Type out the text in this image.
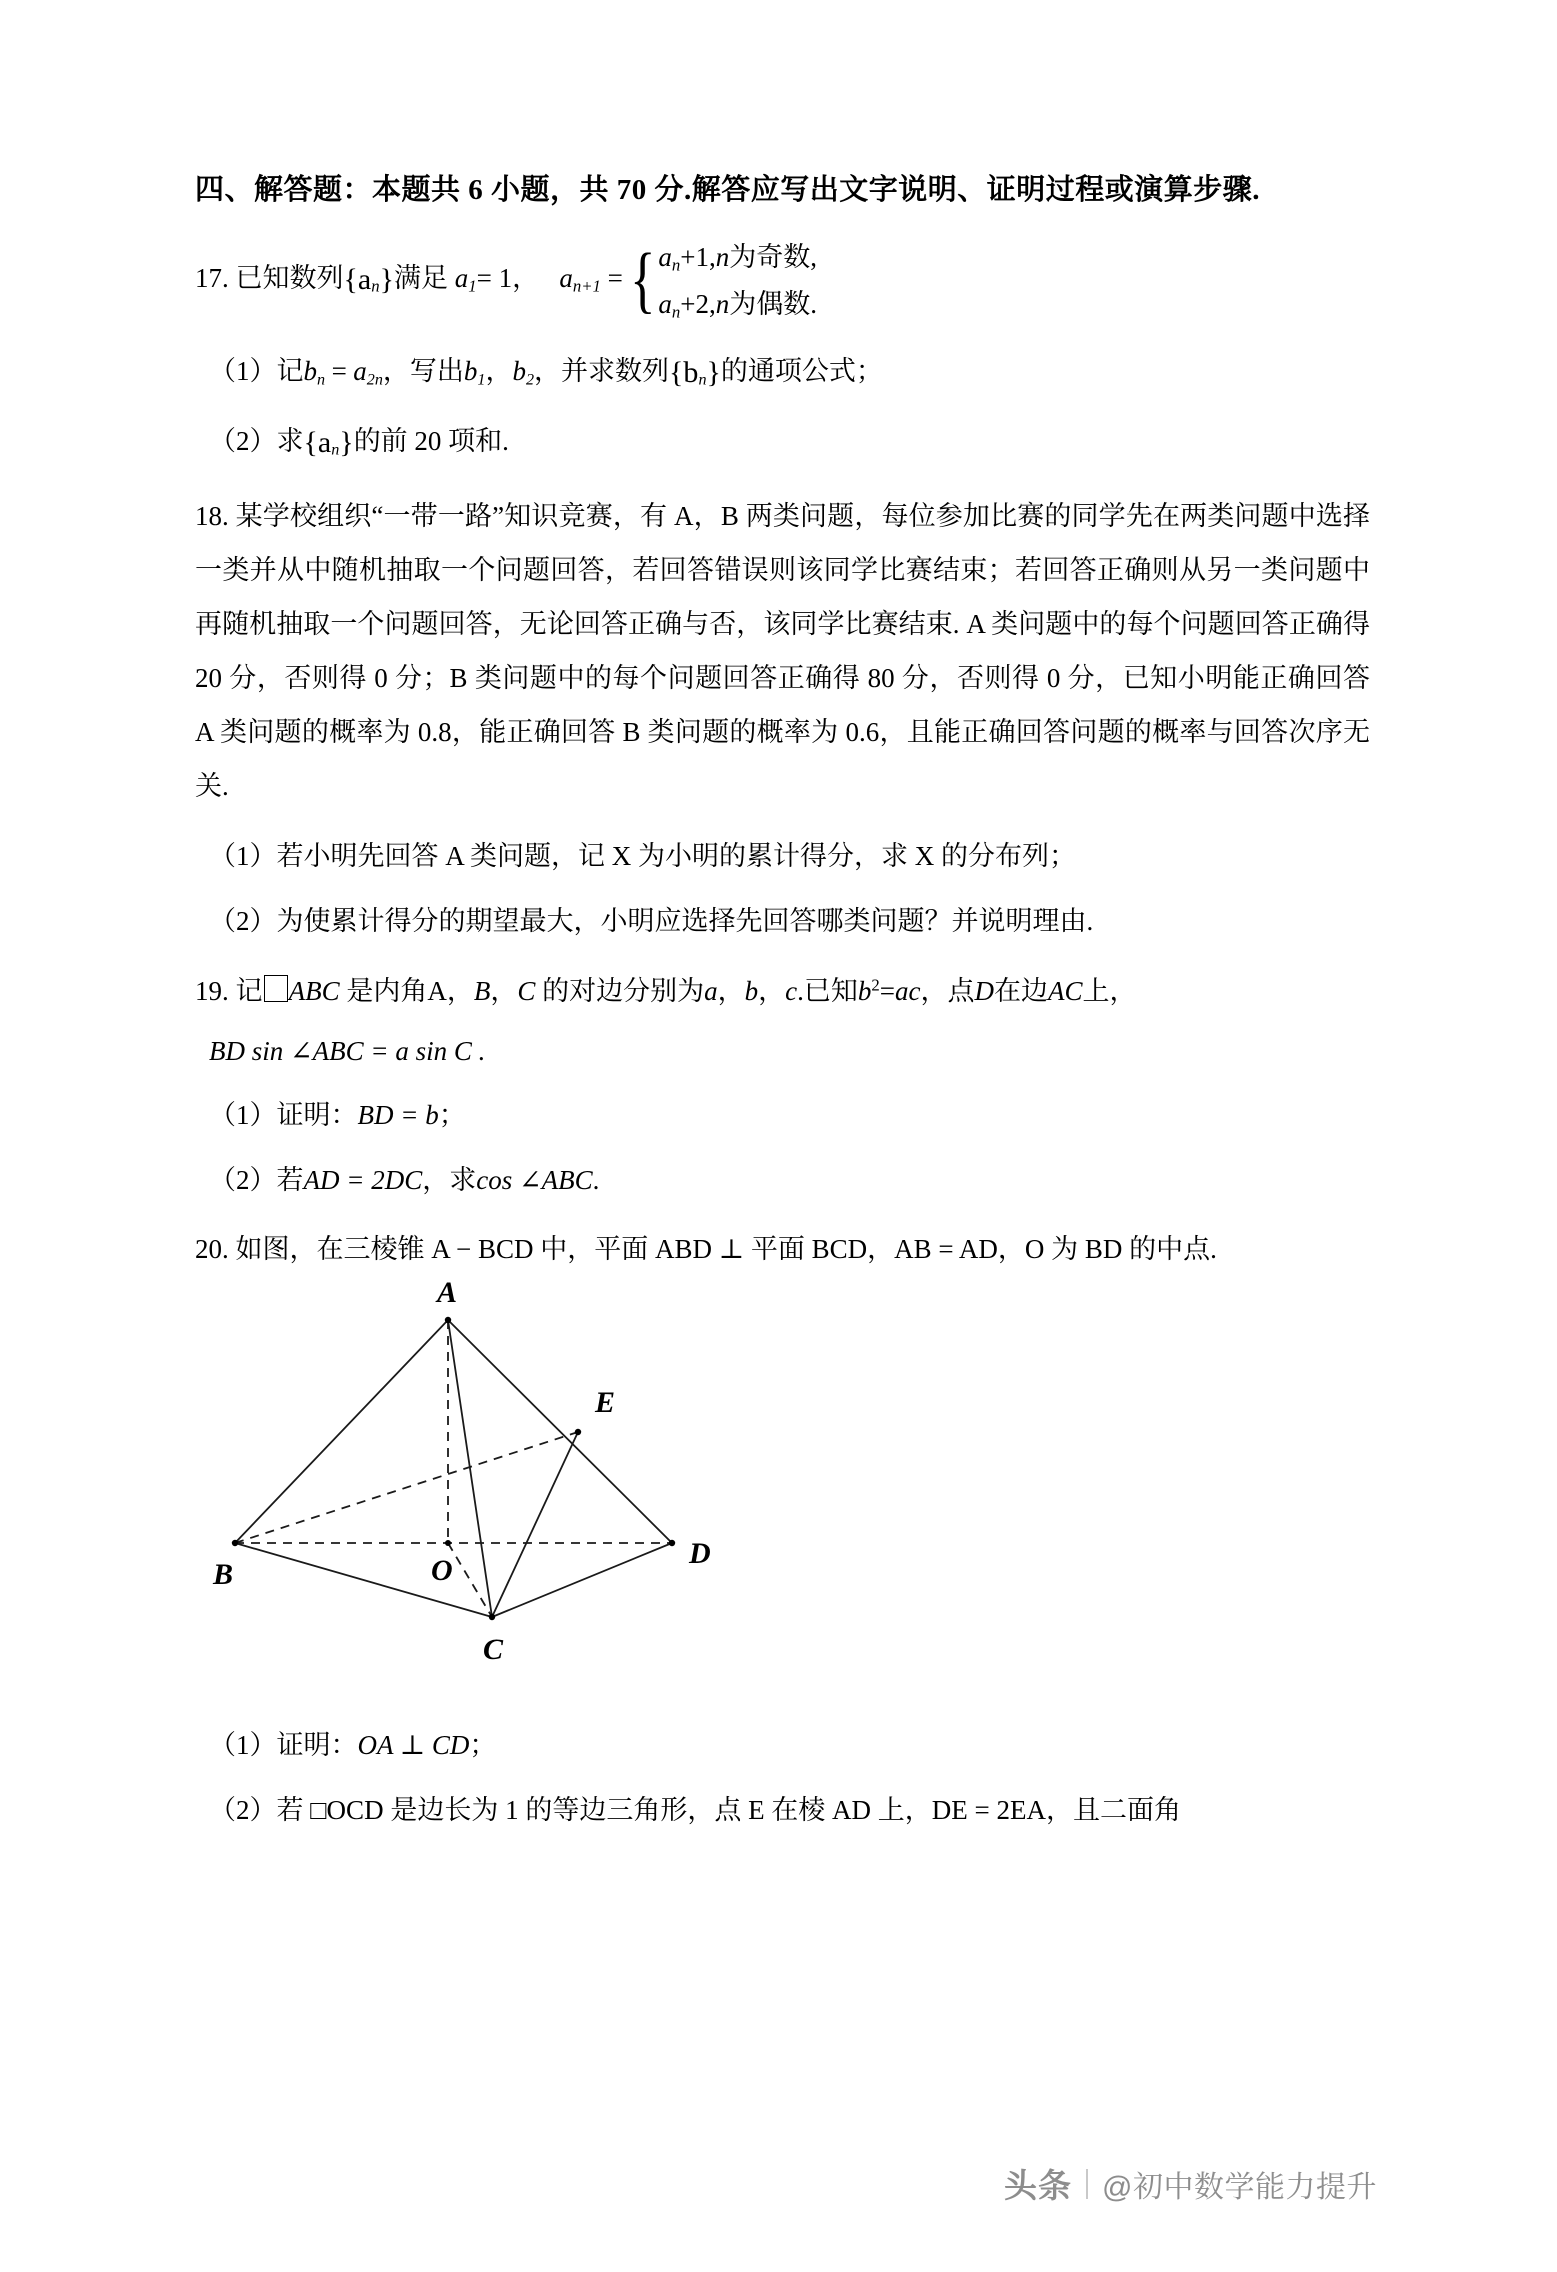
四、解答题：本题共 6 小题，共 70 分.解答应写出文字说明、证明过程或演算步骤.
17. 已知数列$\{a_n\}$满足 $a_1= 1$， $a_{n+1}$ = { $a_n+1,n$为奇数,
$a_n+2,n$为偶数.
（1）记$b_n = a_{2n}$，写出$b_1$，$b_2$，并求数列$\{b_n\}$的通项公式；
（2）求$\{a_n\}$的前 20 项和.
18. 某学校组织“一带一路”知识竞赛，有 A，B 两类问题，每位参加比赛的同学先在两类问题中选择一类并从中随机抽取一个问题回答，若回答错误则该同学比赛结束；若回答正确则从另一类问题中再随机抽取一个问题回答，无论回答正确与否，该同学比赛结束. A 类问题中的每个问题回答正确得 20 分，否则得 0 分；B 类问题中的每个问题回答正确得 80 分，否则得 0 分，已知小明能正确回答 A 类问题的概率为 0.8，能正确回答 B 类问题的概率为 0.6，且能正确回答问题的概率与回答次序无关.
（1）若小明先回答 A 类问题，记 X 为小明的累计得分，求 X 的分布列；
（2）为使累计得分的期望最大，小明应选择先回答哪类问题？并说明理由.
19. 记 ABC 是内角A，B，C 的对边分别为a，b，c.已知$b^2=ac$，点D在边AC上，
BD sin ∠ABC = a sin C .
（1）证明：BD = b；
（2）若AD = 2DC，求cos ∠ABC.
20. 如图，在三棱锥 A − BCD 中，平面 ABD ⊥ 平面 BCD，AB = AD，O 为 BD 的中点.
A
E
B	O
D
C
（1）证明：OA ⊥ CD；
（2）若 □OCD 是边长为 1 的等边三角形，点 E 在棱 AD 上，DE = 2EA，且二面角
头条 @初中数学能力提升
